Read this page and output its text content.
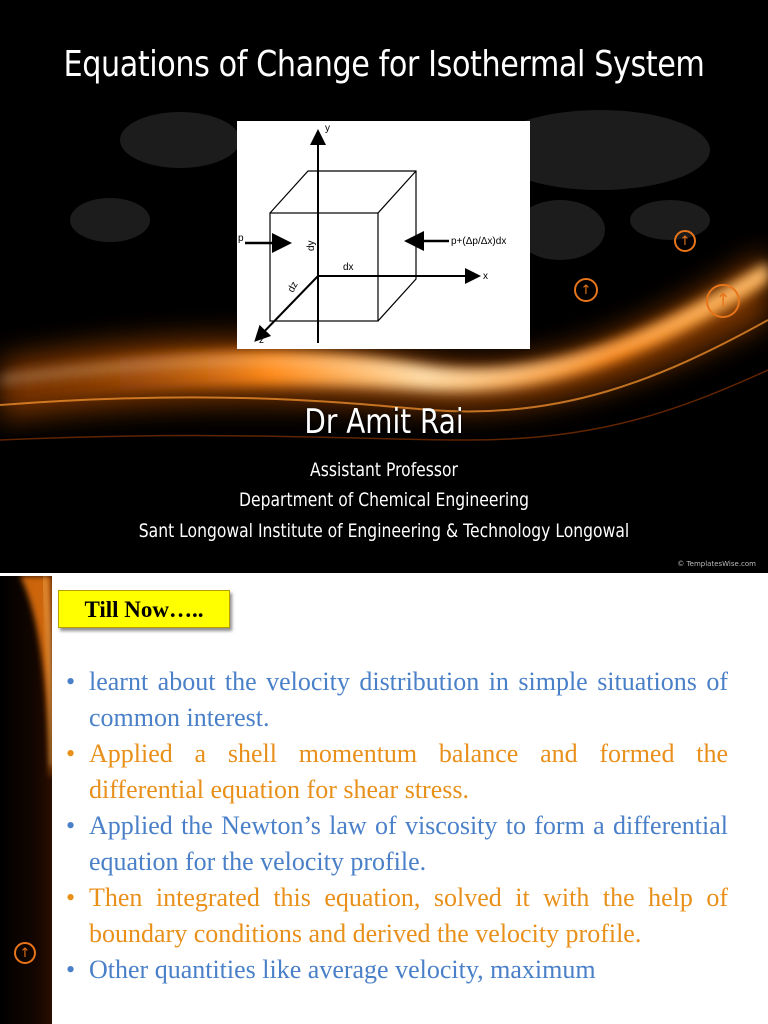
Equations of Change for Isothermal System
y
x
z
p
dx
p+(Δp/Δx)dx
dy
dz
↑
↑	↑
Dr Amit Rai
Assistant Professor
Department of Chemical Engineering
Sant Longowal Institute of Engineering & Technology Longowal
© TemplatesWise.com
↑
Till Now…..
• learnt about the velocity distribution in simple situations of common interest.
• Applied a shell momentum balance and formed the differential equation for shear stress.
• Applied the Newton’s law of viscosity to form a differential equation for the velocity profile.
• Then integrated this equation, solved it with the help of boundary conditions and derived the velocity profile.
• Other quantities like average velocity, maximum
